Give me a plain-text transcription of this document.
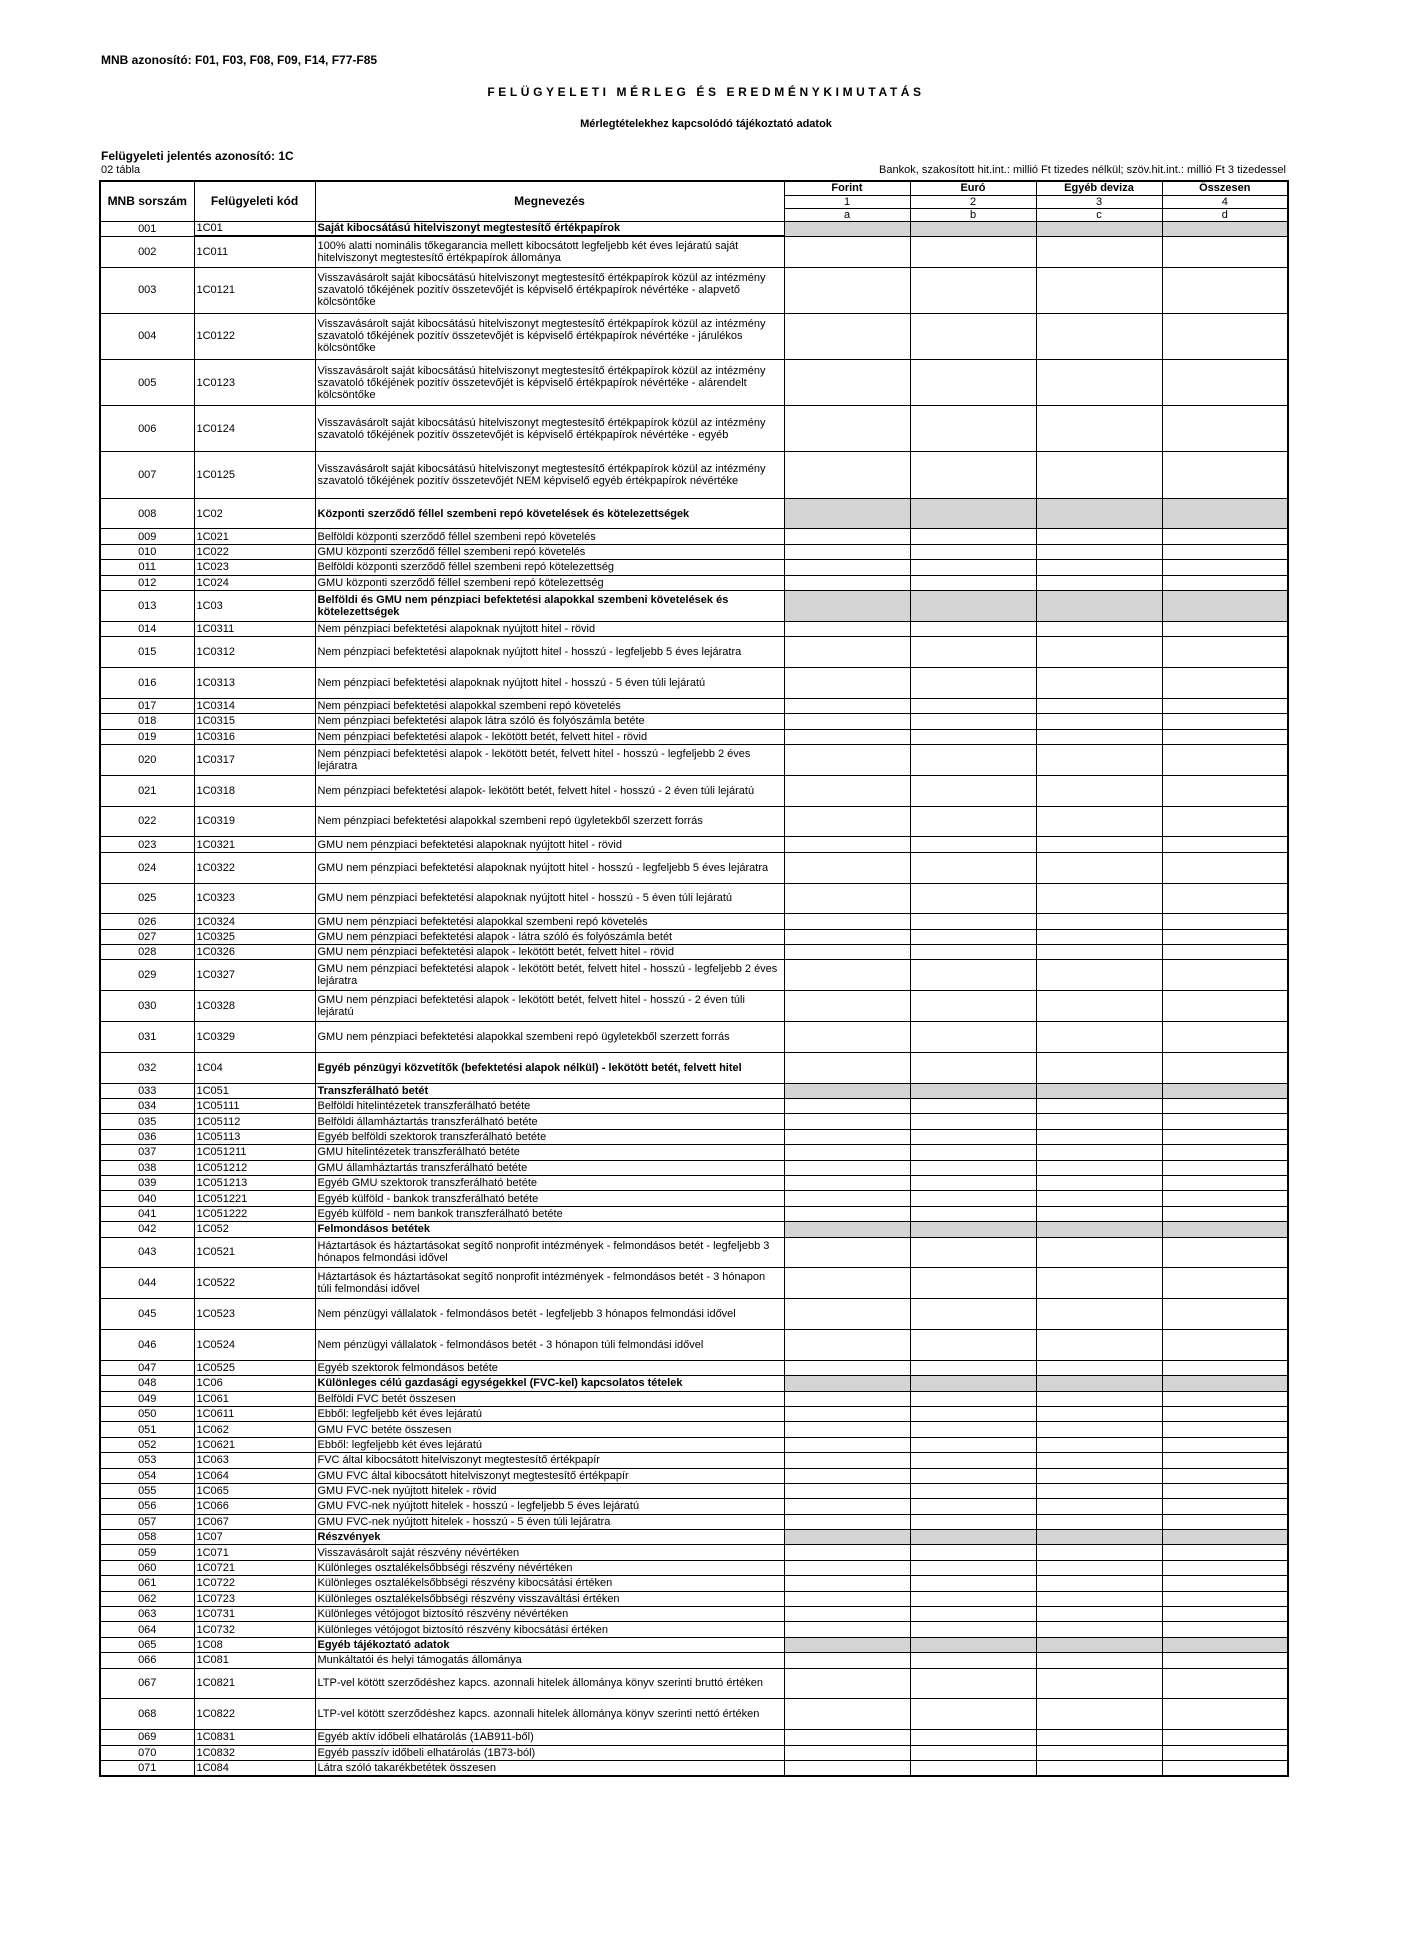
MNB azonosító: F01, F03, F08, F09, F14, F77-F85
FELÜGYELETI MÉRLEG ÉS EREDMÉNYKIMUTATÁS
Mérlegtételekhez kapcsolódó tájékoztató adatok
Felügyeleti jelentés azonosító: 1C
02 tábla	Bankok, szakosított hit.int.: millió Ft tizedes nélkül; szöv.hit.int.: millió Ft 3 tizedessel
MNB sorszám	Felügyeleti kód	Megnevezés	Forint	Euró	Egyéb deviza	Összesen
			1	2	3	4
			a	b	c	d
001	1C01	Saját kibocsátású hitelviszonyt megtestesítő értékpapírok				
002	1C011	100% alatti nominális tőkegarancia mellett kibocsátott legfeljebb két éves lejáratú saját hitelviszonyt megtestesítő értékpapírok állománya				
003	1C0121	Visszavásárolt saját kibocsátású hitelviszonyt megtestesítő értékpapírok közül az intézmény szavatoló tőkéjének pozitív összetevőjét is képviselő értékpapírok névértéke - alapvető kölcsöntőke				
004	1C0122	Visszavásárolt saját kibocsátású hitelviszonyt megtestesítő értékpapírok közül az intézmény szavatoló tőkéjének pozitív összetevőjét is képviselő értékpapírok névértéke - járulékos kölcsöntőke				
005	1C0123	Visszavásárolt saját kibocsátású hitelviszonyt megtestesítő értékpapírok közül az intézmény szavatoló tőkéjének pozitív összetevőjét is képviselő értékpapírok névértéke - alárendelt kölcsöntőke				
006	1C0124	Visszavásárolt saját kibocsátású hitelviszonyt megtestesítő értékpapírok közül az intézmény szavatoló tőkéjének pozitív összetevőjét is képviselő értékpapírok névértéke - egyéb				
007	1C0125	Visszavásárolt saját kibocsátású hitelviszonyt megtestesítő értékpapírok közül az intézmény szavatoló tőkéjének pozitív összetevőjét NEM képviselő egyéb értékpapírok névértéke				
008	1C02	Központi szerződő féllel szembeni repó követelések és kötelezettségek				
009	1C021	Belföldi központi szerződő féllel szembeni repó követelés				
010	1C022	GMU központi szerződő féllel szembeni repó követelés				
011	1C023	Belföldi központi szerződő féllel szembeni repó kötelezettség				
012	1C024	GMU központi szerződő féllel szembeni repó kötelezettség				
013	1C03	Belföldi és GMU nem pénzpiaci befektetési alapokkal szembeni követelések és kötelezettségek				
014	1C0311	Nem pénzpiaci befektetési alapoknak nyújtott hitel - rövid				
015	1C0312	Nem pénzpiaci befektetési alapoknak nyújtott hitel - hosszú - legfeljebb 5 éves lejáratra				
016	1C0313	Nem pénzpiaci befektetési alapoknak nyújtott hitel - hosszú - 5 éven túli lejáratú				
017	1C0314	Nem pénzpiaci befektetési alapokkal szembeni repó követelés				
018	1C0315	Nem pénzpiaci befektetési alapok látra szóló és folyószámla betéte				
019	1C0316	Nem pénzpiaci befektetési alapok - lekötött betét, felvett hitel - rövid				
020	1C0317	Nem pénzpiaci befektetési alapok - lekötött betét, felvett hitel - hosszú - legfeljebb 2 éves lejáratra				
021	1C0318	Nem pénzpiaci befektetési alapok- lekötött betét, felvett hitel - hosszú - 2 éven túli lejáratú				
022	1C0319	Nem pénzpiaci befektetési alapokkal szembeni repó ügyletekből szerzett forrás				
023	1C0321	GMU nem pénzpiaci befektetési alapoknak nyújtott hitel - rövid				
024	1C0322	GMU nem pénzpiaci befektetési alapoknak nyújtott hitel - hosszú - legfeljebb 5 éves lejáratra				
025	1C0323	GMU nem pénzpiaci befektetési alapoknak nyújtott hitel - hosszú - 5 éven túli lejáratú				
026	1C0324	GMU nem pénzpiaci befektetési alapokkal szembeni repó követelés				
027	1C0325	GMU nem pénzpiaci befektetési alapok - látra szóló és folyószámla betét				
028	1C0326	GMU nem pénzpiaci befektetési alapok - lekötött betét, felvett hitel - rövid				
029	1C0327	GMU nem pénzpiaci befektetési alapok - lekötött betét, felvett hitel - hosszú - legfeljebb 2 éves lejáratra				
030	1C0328	GMU nem pénzpiaci befektetési alapok - lekötött betét, felvett hitel - hosszú - 2 éven túli lejáratú				
031	1C0329	GMU nem pénzpiaci befektetési alapokkal szembeni repó ügyletekből szerzett forrás				
032	1C04	Egyéb pénzügyi közvetítők (befektetési alapok nélkül) - lekötött betét, felvett hitel				
033	1C051	Transzferálható betét				
034	1C05111	Belföldi hitelintézetek transzferálható betéte				
035	1C05112	Belföldi államháztartás transzferálható betéte				
036	1C05113	Egyéb belföldi szektorok transzferálható betéte				
037	1C051211	GMU hitelintézetek transzferálható betéte				
038	1C051212	GMU államháztartás transzferálható betéte				
039	1C051213	Egyéb GMU szektorok transzferálható betéte				
040	1C051221	Egyéb külföld - bankok transzferálható betéte				
041	1C051222	Egyéb külföld - nem bankok transzferálható betéte				
042	1C052	Felmondásos betétek				
043	1C0521	Háztartások és háztartásokat segítő nonprofit intézmények - felmondásos betét - legfeljebb 3 hónapos felmondási idővel				
044	1C0522	Háztartások és háztartásokat segítő nonprofit intézmények - felmondásos betét - 3 hónapon túli felmondási idővel				
045	1C0523	Nem pénzügyi vállalatok - felmondásos betét - legfeljebb 3 hónapos felmondási idővel				
046	1C0524	Nem pénzügyi vállalatok - felmondásos betét - 3 hónapon túli felmondási idővel				
047	1C0525	Egyéb szektorok felmondásos betéte				
048	1C06	Különleges célú gazdasági egységekkel (FVC-kel) kapcsolatos tételek				
049	1C061	Belföldi FVC betét összesen				
050	1C0611	Ebből: legfeljebb két éves lejáratú				
051	1C062	GMU FVC betéte összesen				
052	1C0621	Ebből: legfeljebb két éves lejáratú				
053	1C063	FVC által kibocsátott hitelviszonyt megtestesítő értékpapír				
054	1C064	GMU FVC által kibocsátott hitelviszonyt megtestesítő értékpapír				
055	1C065	GMU FVC-nek nyújtott hitelek - rövid				
056	1C066	GMU FVC-nek nyújtott hitelek - hosszú - legfeljebb 5 éves lejáratú				
057	1C067	GMU FVC-nek nyújtott hitelek - hosszú - 5 éven túli lejáratra				
058	1C07	Részvények				
059	1C071	Visszavásárolt saját részvény névértéken				
060	1C0721	Különleges osztalékelsőbbségi részvény névértéken				
061	1C0722	Különleges osztalékelsőbbségi részvény kibocsátási értéken				
062	1C0723	Különleges osztalékelsőbbségi részvény visszaváltási értéken				
063	1C0731	Különleges vétójogot biztosító részvény névértéken				
064	1C0732	Különleges vétójogot biztosító részvény kibocsátási értéken				
065	1C08	Egyéb tájékoztató adatok				
066	1C081	Munkáltatói és helyi támogatás állománya				
067	1C0821	LTP-vel kötött szerződéshez kapcs. azonnali hitelek állománya könyv szerinti bruttó értéken				
068	1C0822	LTP-vel kötött szerződéshez kapcs. azonnali hitelek állománya könyv szerinti nettó értéken				
069	1C0831	Egyéb aktív időbeli elhatárolás (1AB911-ből)				
070	1C0832	Egyéb passzív időbeli elhatárolás (1B73-ból)				
071	1C084	Látra szóló takarékbetétek összesen				
